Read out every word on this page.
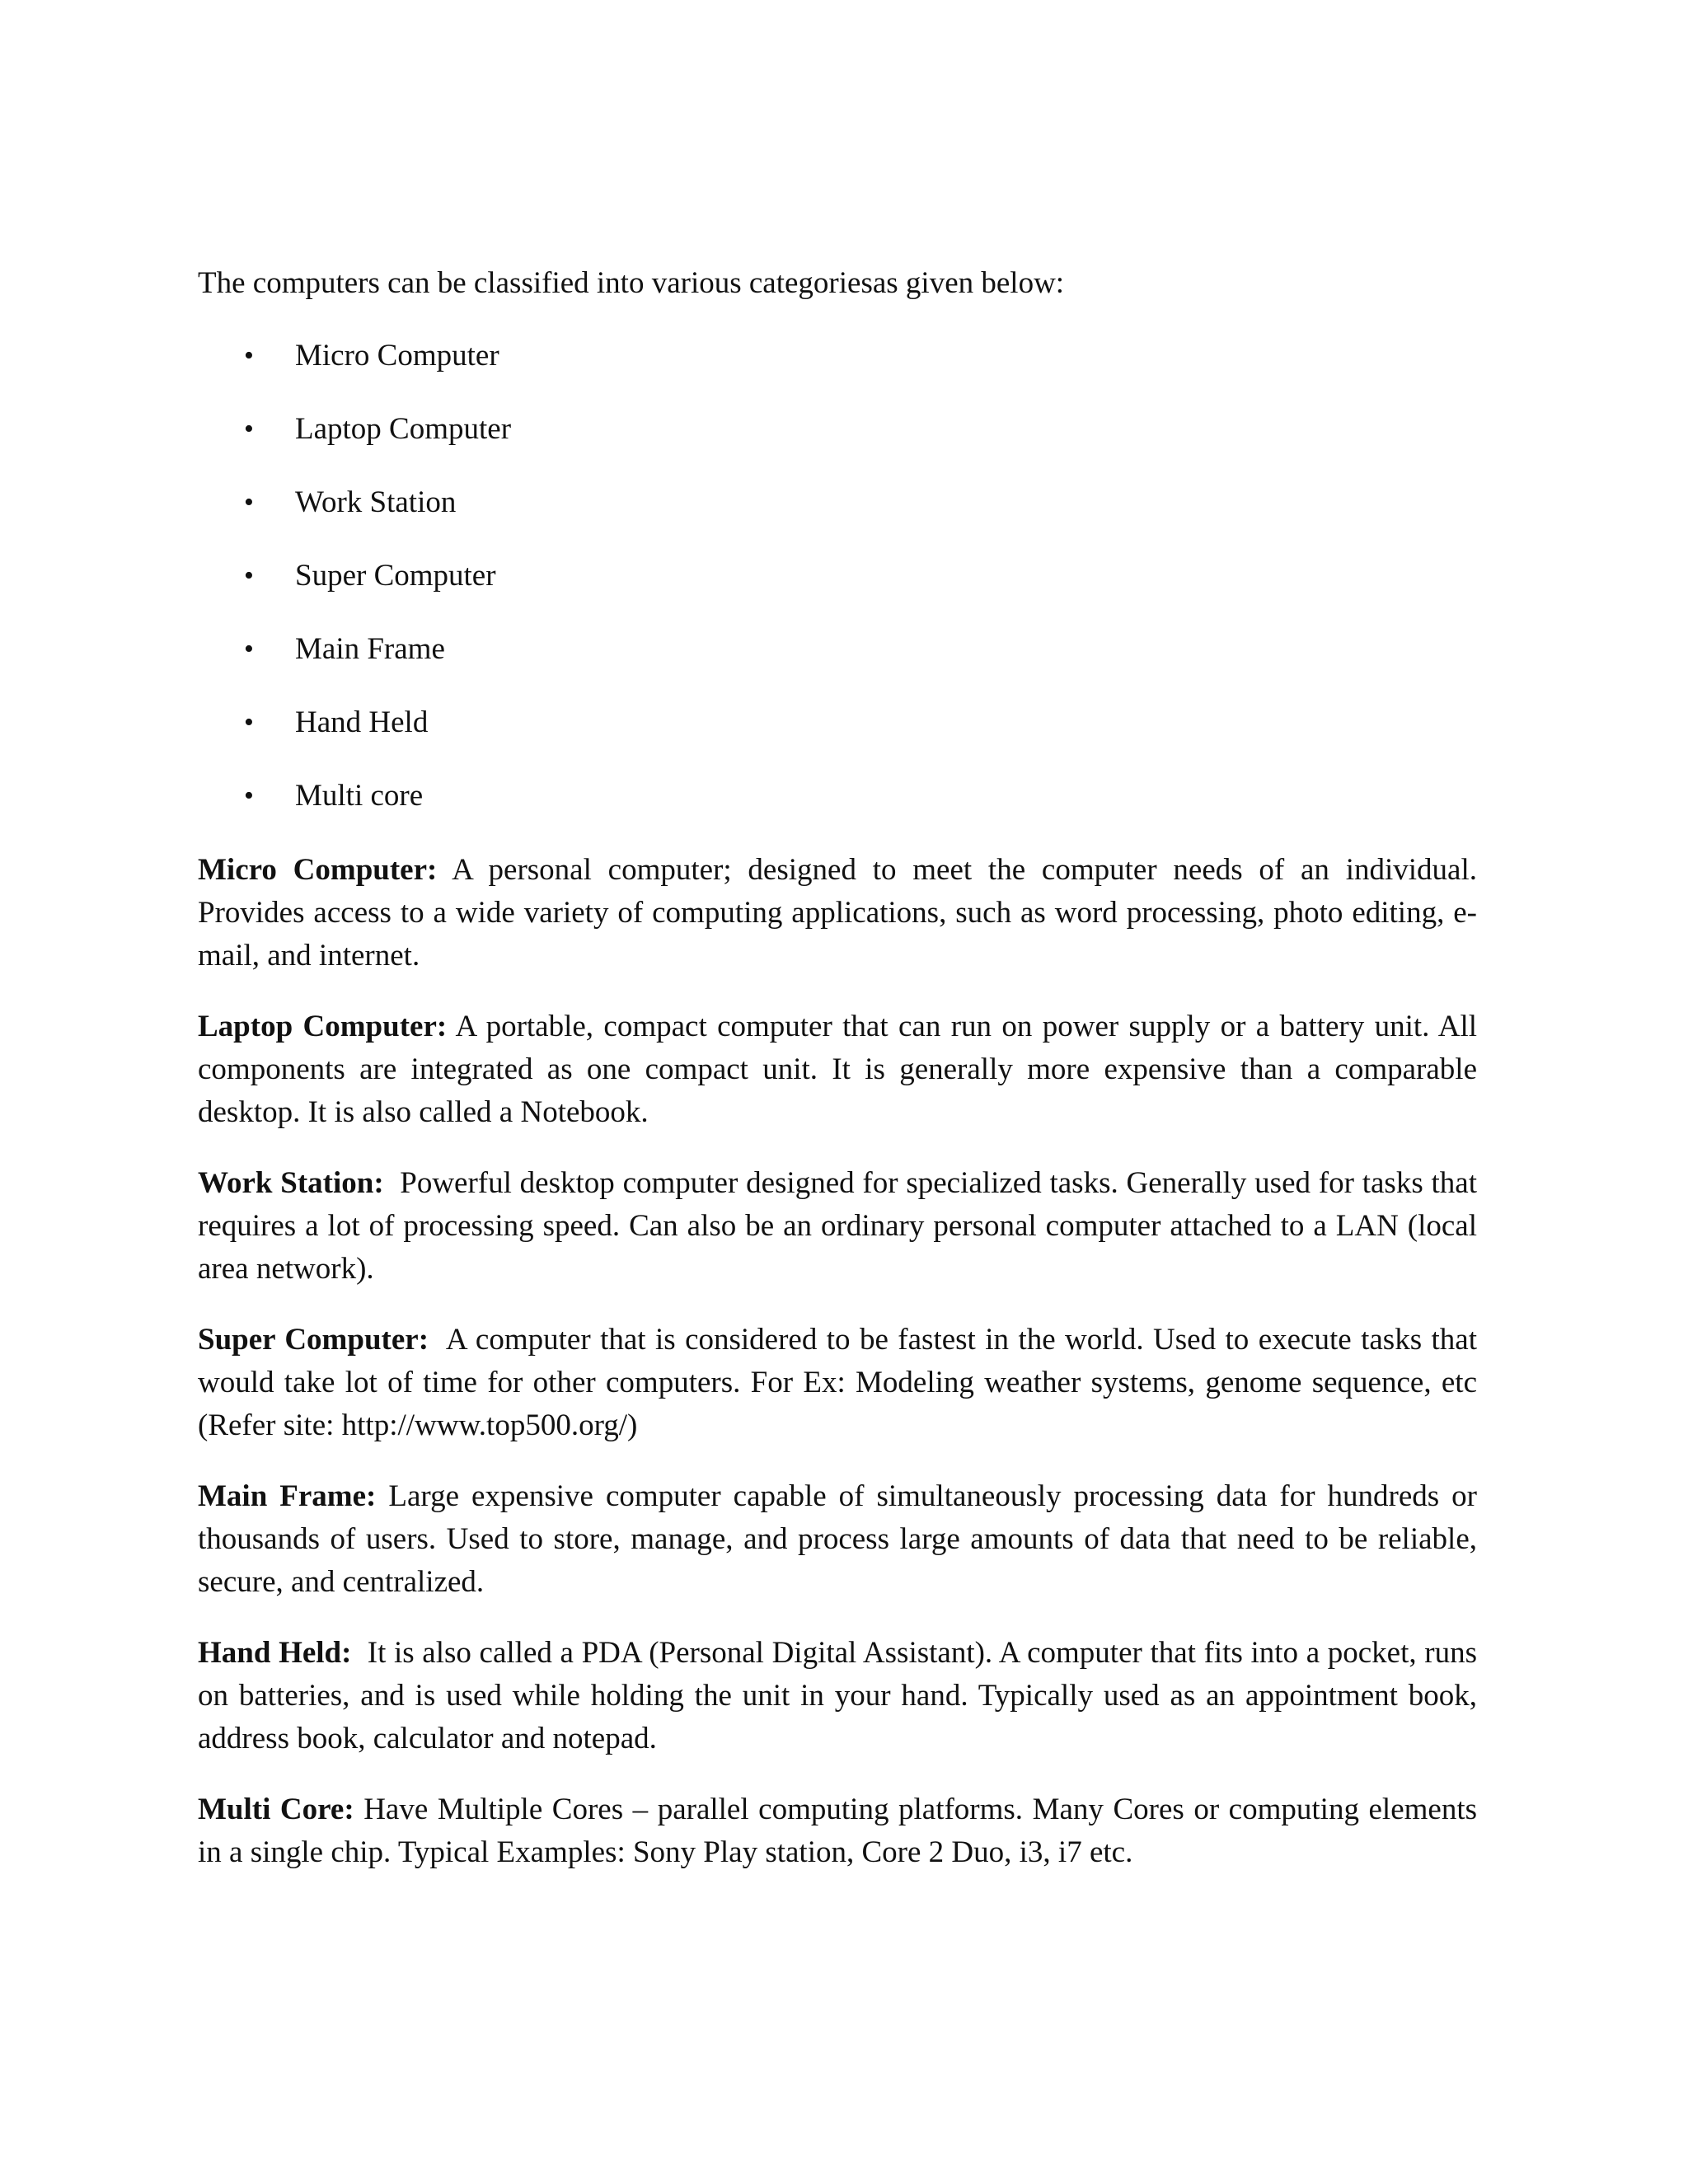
The computers can be classified into various categoriesas given below:

• Micro Computer
• Laptop Computer
• Work Station
• Super Computer
• Main Frame
• Hand Held
• Multi core

Micro Computer: A personal computer; designed to meet the computer needs of an individual. Provides access to a wide variety of computing applications, such as word processing, photo editing, e-mail, and internet.

Laptop Computer: A portable, compact computer that can run on power supply or a battery unit. All components are integrated as one compact unit. It is generally more expensive than a comparable desktop. It is also called a Notebook.

Work Station: Powerful desktop computer designed for specialized tasks. Generally used for tasks that requires a lot of processing speed. Can also be an ordinary personal computer attached to a LAN (local area network).

Super Computer: A computer that is considered to be fastest in the world. Used to execute tasks that would take lot of time for other computers. For Ex: Modeling weather systems, genome sequence, etc (Refer site: http://www.top500.org/)

Main Frame: Large expensive computer capable of simultaneously processing data for hundreds or thousands of users. Used to store, manage, and process large amounts of data that need to be reliable, secure, and centralized.

Hand Held: It is also called a PDA (Personal Digital Assistant). A computer that fits into a pocket, runs on batteries, and is used while holding the unit in your hand. Typically used as an appointment book, address book, calculator and notepad.

Multi Core: Have Multiple Cores – parallel computing platforms. Many Cores or computing elements in a single chip. Typical Examples: Sony Play station, Core 2 Duo, i3, i7 etc.
